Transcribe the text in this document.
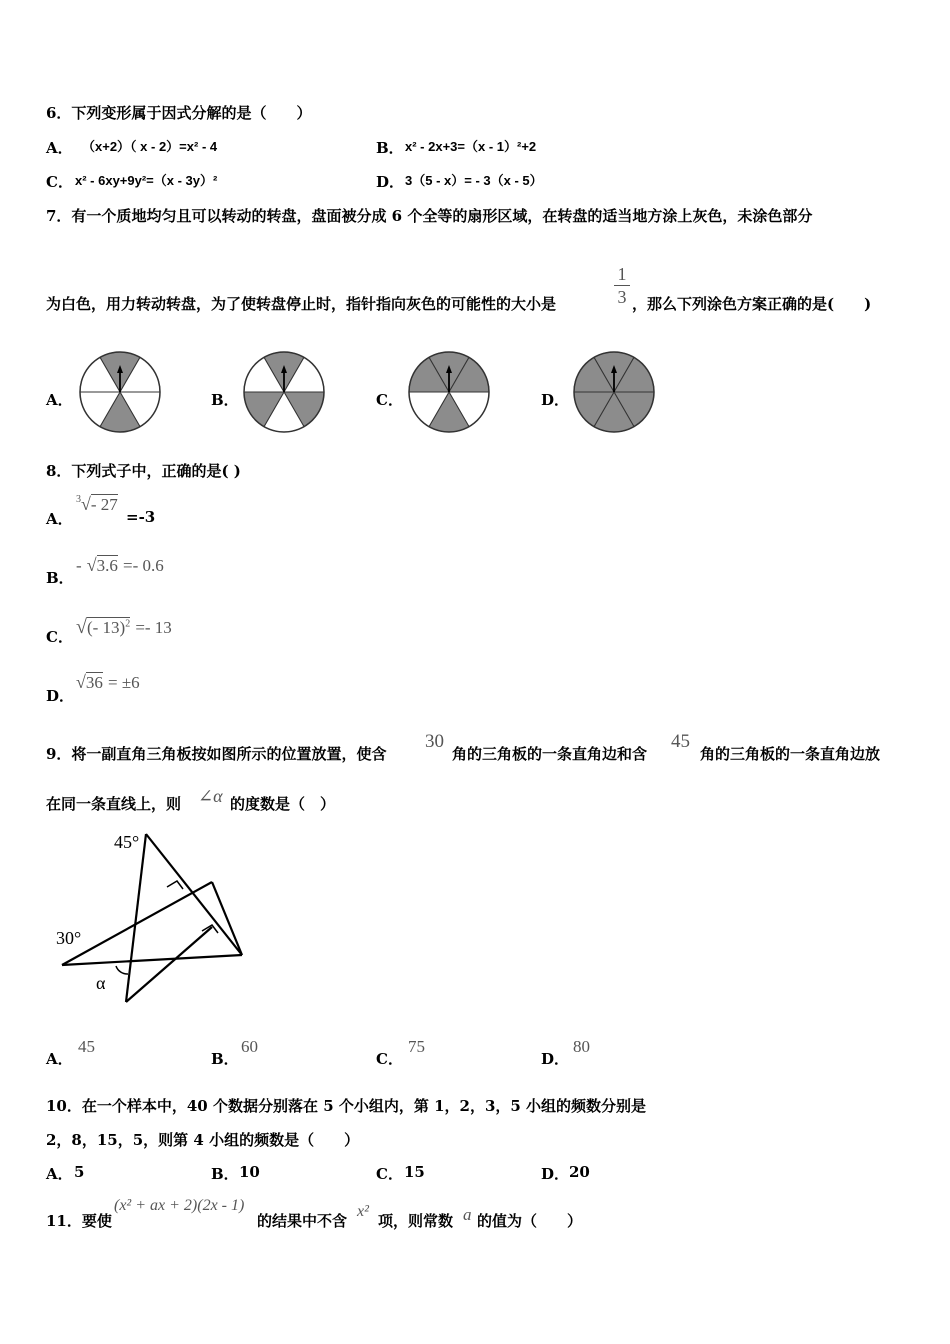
6．下列变形属于因式分解的是（　　）
A． （x+2）（ x - 2）=x² - 4	B． x² - 2x+3=（x - 1）²+2
C． x² - 6xy+9y²=（x - 3y）²	D． 3（5 - x）= - 3（x - 5）
7．有一个质地均匀且可以转动的转盘，盘面被分成 6 个全等的扇形区域，在转盘的适当地方涂上灰色，未涂色部分
为白色，用力转动转盘，为了使转盘停止时，指针指向灰色的可能性的大小是
1
3 ，那么下列涂色方案正确的是(　　)
A．	B．	C．	D．
8．下列式子中，正确的是( )
A．
$^3$√- 27
=-3
B．
- √3.6 =- 0.6
C． √(- 13)$^2$ =- 13
D．
√36 = ±6
9．将一副直角三角板按如图所示的位置放置，使含
30
角的三角板的一条直角边和含
45
角的三角板的一条直角边放
在同一条直线上，则 ∠α 的度数是（　）
45°
30°
α
A．
45
B．
60
C．
75
D．
80
10．在一个样本中，40 个数据分别落在 5 个小组内，第 1，2，3，5 小组的频数分别是
2，8，15，5，则第 4 小组的频数是（　　）
A． 5	B． 10	C． 15	D． 20
11．要使
(x² + ax + 2)(2x - 1)
的结果中不含
x²
项，则常数 a 的值为（　　）
